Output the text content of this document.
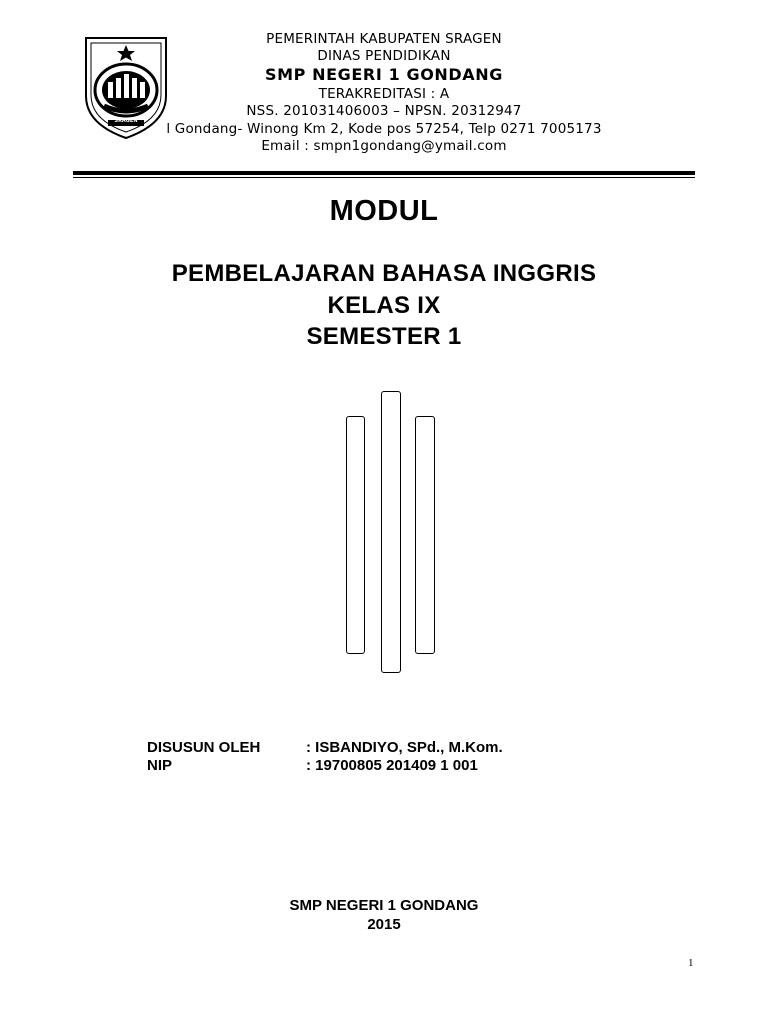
SRAGEN
PEMERINTAH KABUPATEN SRAGEN
DINAS PENDIDIKAN
SMP NEGERI 1 GONDANG
TERAKREDITASI : A
NSS. 201031406003 – NPSN. 20312947
l Gondang- Winong Km 2, Kode pos 57254, Telp 0271 7005173
Email : smpn1gondang@ymail.com
MODUL
PEMBELAJARAN BAHASA INGGRIS
KELAS IX
SEMESTER 1
DISUSUN OLEH	: ISBANDIYO, SPd., M.Kom.
NIP	: 19700805 201409 1 001
SMP NEGERI 1 GONDANG
2015
1
